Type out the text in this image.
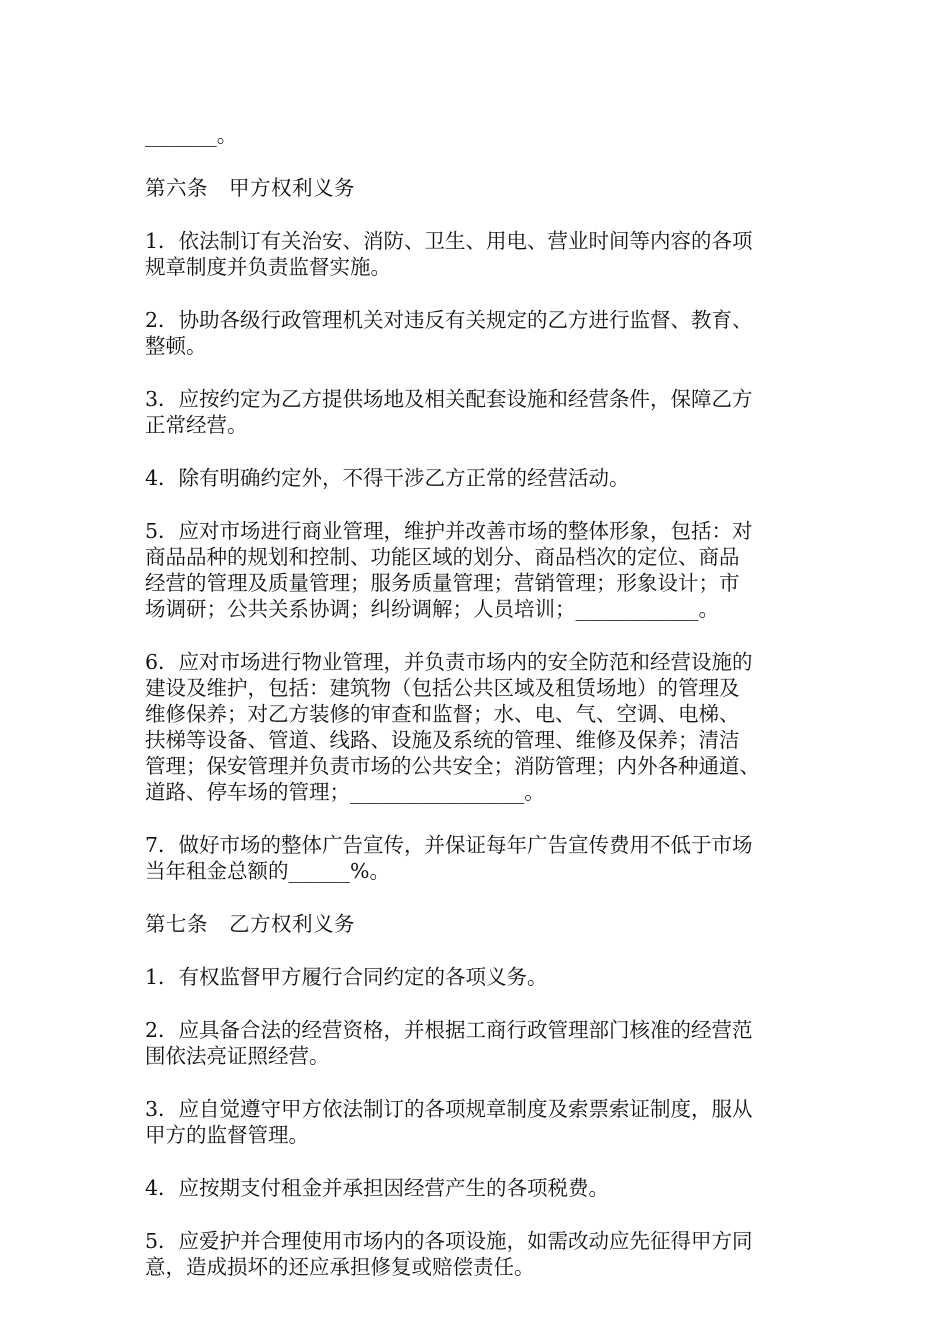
_______。
第六条　甲方权利义务
1．依法制订有关治安、消防、卫生、用电、营业时间等内容的各项
规章制度并负责监督实施。
2．协助各级行政管理机关对违反有关规定的乙方进行监督、教育、
整顿。
3．应按约定为乙方提供场地及相关配套设施和经营条件，保障乙方
正常经营。
4．除有明确约定外，不得干涉乙方正常的经营活动。
5．应对市场进行商业管理，维护并改善市场的整体形象，包括：对
商品品种的规划和控制、功能区域的划分、商品档次的定位、商品
经营的管理及质量管理；服务质量管理；营销管理；形象设计；市
场调研；公共关系协调；纠纷调解；人员培训；____________。
6．应对市场进行物业管理，并负责市场内的安全防范和经营设施的
建设及维护，包括：建筑物（包括公共区域及租赁场地）的管理及
维修保养；对乙方装修的审查和监督；水、电、气、空调、电梯、
扶梯等设备、管道、线路、设施及系统的管理、维修及保养；清洁
管理；保安管理并负责市场的公共安全；消防管理；内外各种通道、
道路、停车场的管理；_________________。
7．做好市场的整体广告宣传，并保证每年广告宣传费用不低于市场
当年租金总额的______%。
第七条　乙方权利义务
1．有权监督甲方履行合同约定的各项义务。
2．应具备合法的经营资格，并根据工商行政管理部门核准的经营范
围依法亮证照经营。
3．应自觉遵守甲方依法制订的各项规章制度及索票索证制度，服从
甲方的监督管理。
4．应按期支付租金并承担因经营产生的各项税费。
5．应爱护并合理使用市场内的各项设施，如需改动应先征得甲方同
意，造成损坏的还应承担修复或赔偿责任。
